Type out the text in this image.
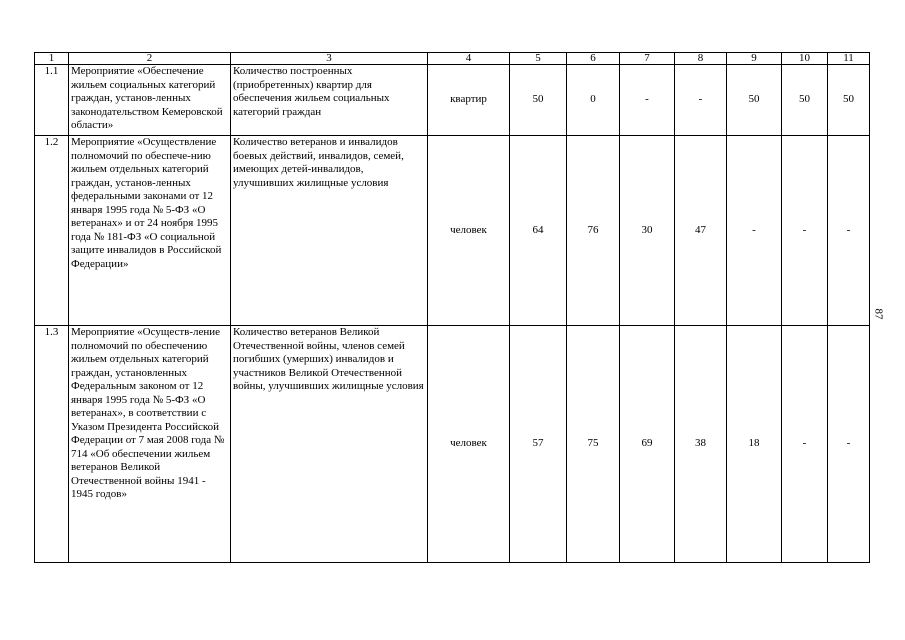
1	2	3	4	5	6	7	8	9	10	11
1.1	Мероприятие «Обеспечение жильем социальных категорий граждан, установ-ленных законодательством Кемеровской области»	Количество построенных (приобретенных) квартир для обеспечения жильем социальных категорий граждан	квартир	50	0	-	-	50	50	50
1.2	Мероприятие «Осуществление полномочий по обеспече-нию жильем отдельных категорий граждан, установ-ленных федеральными законами от 12 января 1995 года № 5-ФЗ «О ветеранах» и от 24 ноября 1995 года № 181-ФЗ «О социальной защите инвалидов в Российской Федерации»	Количество ветеранов и инвалидов боевых действий, инвалидов, семей, имеющих детей-инвалидов, улучшивших жилищные условия	человек	64	76	30	47	-	-	-
1.3	Мероприятие «Осуществ-ление полномочий по обеспечению жильем отдельных категорий граждан, установленных Федеральным законом от 12 января 1995 года № 5-ФЗ «О ветеранах», в соответствии с Указом Президента Российской Федерации от 7 мая 2008 года № 714 «Об обеспечении жильем ветеранов Великой Отечественной войны 1941 - 1945 годов»	Количество ветеранов Великой Отечественной войны, членов семей погибших (умерших) инвалидов и участников Великой Отечественной войны, улучшивших жилищные условия	человек	57	75	69	38	18	-	-
87
